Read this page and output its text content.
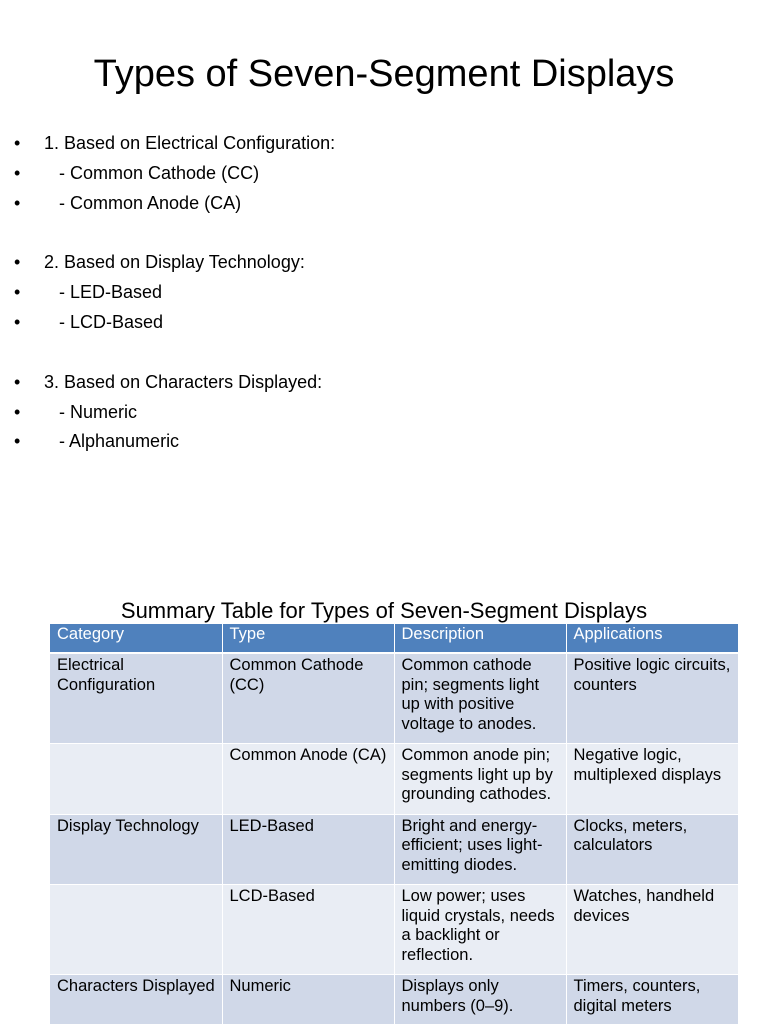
Types of Seven-Segment Displays
•	1. Based on Electrical Configuration:
•	- Common Cathode (CC)
•	- Common Anode (CA)
•	2. Based on Display Technology:
•	- LED-Based
•	- LCD-Based
•	3. Based on Characters Displayed:
•	- Numeric
•	- Alphanumeric
Summary Table for Types of Seven-Segment Displays
Category	Type	Description	Applications
Electrical Configuration	Common Cathode (CC)	Common cathode pin; segments light up with positive voltage to anodes.	Positive logic circuits, counters
	Common Anode (CA)	Common anode pin; segments light up by grounding cathodes.	Negative logic, multiplexed displays
Display Technology	LED-Based	Bright and energy-efficient; uses light-emitting diodes.	Clocks, meters, calculators
	LCD-Based	Low power; uses liquid crystals, needs a backlight or reflection.	Watches, handheld devices
Characters Displayed	Numeric	Displays only numbers (0–9).	Timers, counters, digital meters
